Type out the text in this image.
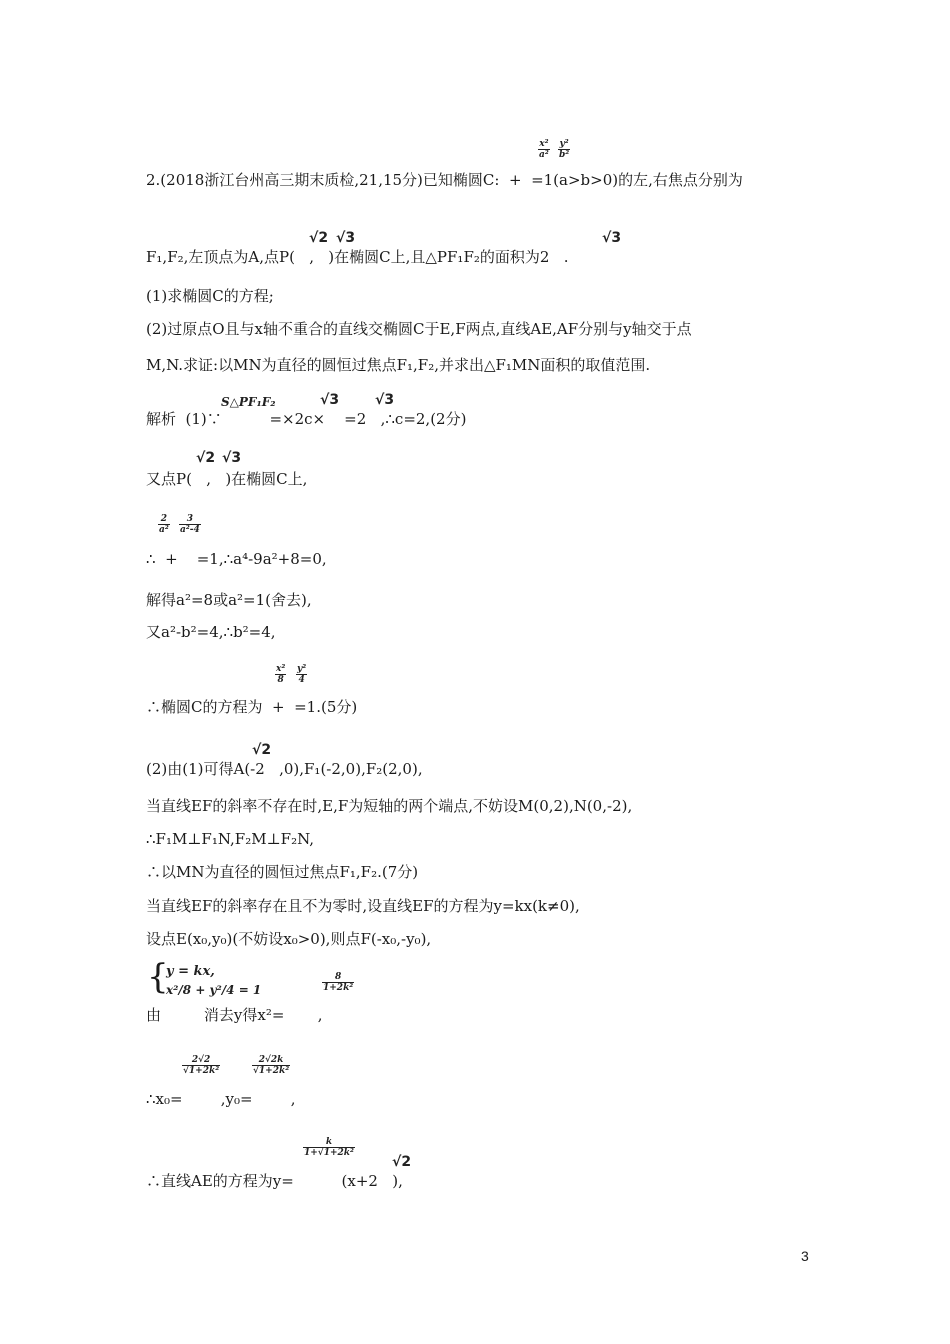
2.(2018浙江台州高三期末质检,21,15分)已知椭圆C:  +  =1(a>b>0)的左,右焦点分别为
F₁,F₂,左顶点为A,点P(   ,   )在椭圆C上,且△PF₁F₂的面积为2   .
(1)求椭圆C的方程;
(2)过原点O且与x轴不重合的直线交椭圆C于E,F两点,直线AE,AF分别与y轴交于点
M,N.求证:以MN为直径的圆恒过焦点F₁,F₂,并求出△F₁MN面积的取值范围.
解析  (1)∵          =×2c×    =2   ,∴c=2,(2分)
又点P(   ,   )在椭圆C上,
∴  +    =1,∴a⁴-9a²+8=0,
解得a²=8或a²=1(舍去),
又a²-b²=4,∴b²=4,
∴椭圆C的方程为  +  =1.(5分)
(2)由(1)可得A(-2   ,0),F₁(-2,0),F₂(2,0),
当直线EF的斜率不存在时,E,F为短轴的两个端点,不妨设M(0,2),N(0,-2),
∴F₁M⊥F₁N,F₂M⊥F₂N,
∴以MN为直径的圆恒过焦点F₁,F₂.(7分)
当直线EF的斜率存在且不为零时,设直线EF的方程为y=kx(k≠0),
设点E(x₀,y₀)(不妨设x₀>0),则点F(-x₀,-y₀),
由         消去y得x²=       ,
∴x₀=        ,y₀=        ,
∴直线AE的方程为y=          (x+2   ),
$\frac{\text{x²}}{\text{a²}} \frac{\text{y²}}{\text{b²}}$
√2 √3	√3
S△PF₁F₂	√3	√3
√2 √3
$\frac{2}{\text{a²}} \frac{3}{\text{a²-4}}$
$\frac{\text{x²}}{8} \frac{\text{y²}}{4}$
√2
{
y = kx,
x²/8 + y²/4 = 1	$\frac{8}{\text{1+2k²}}$
$\frac{2√2}{\text{√1+2k²}}$	$\frac{2√2k}{\text{√1+2k²}}$
$\frac{k}{\text{1+√1+2k²}}$
√2
3
